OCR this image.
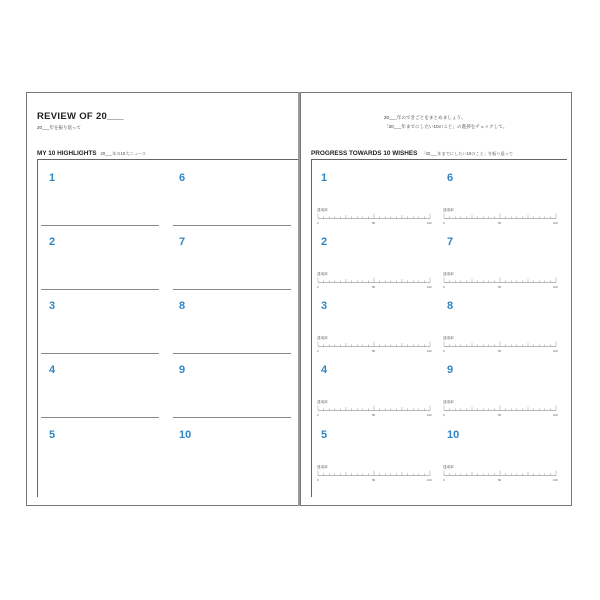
REVIEW OF 20___
20___年を振り返って
MY 10 HIGHLIGHTS 20___年の10大ニュース
1
2
3
4
5
6
7
8
9
10
20___年のできごとをまとめましょう。
「20___年までにしたい10のこと」の進捗をチェックして。
PROGRESS TOWARDS 10 WISHES 「20___年までにしたい10のこと」を振り返って
1
達成率
0	50	100
2
達成率
0	50	100
3
達成率
0	50	100
4
達成率
0	50	100
5
達成率
0	50	100
6
達成率
0	50	100
7
達成率
0	50	100
8
達成率
0	50	100
9
達成率
0	50	100
10
達成率
0	50	100
